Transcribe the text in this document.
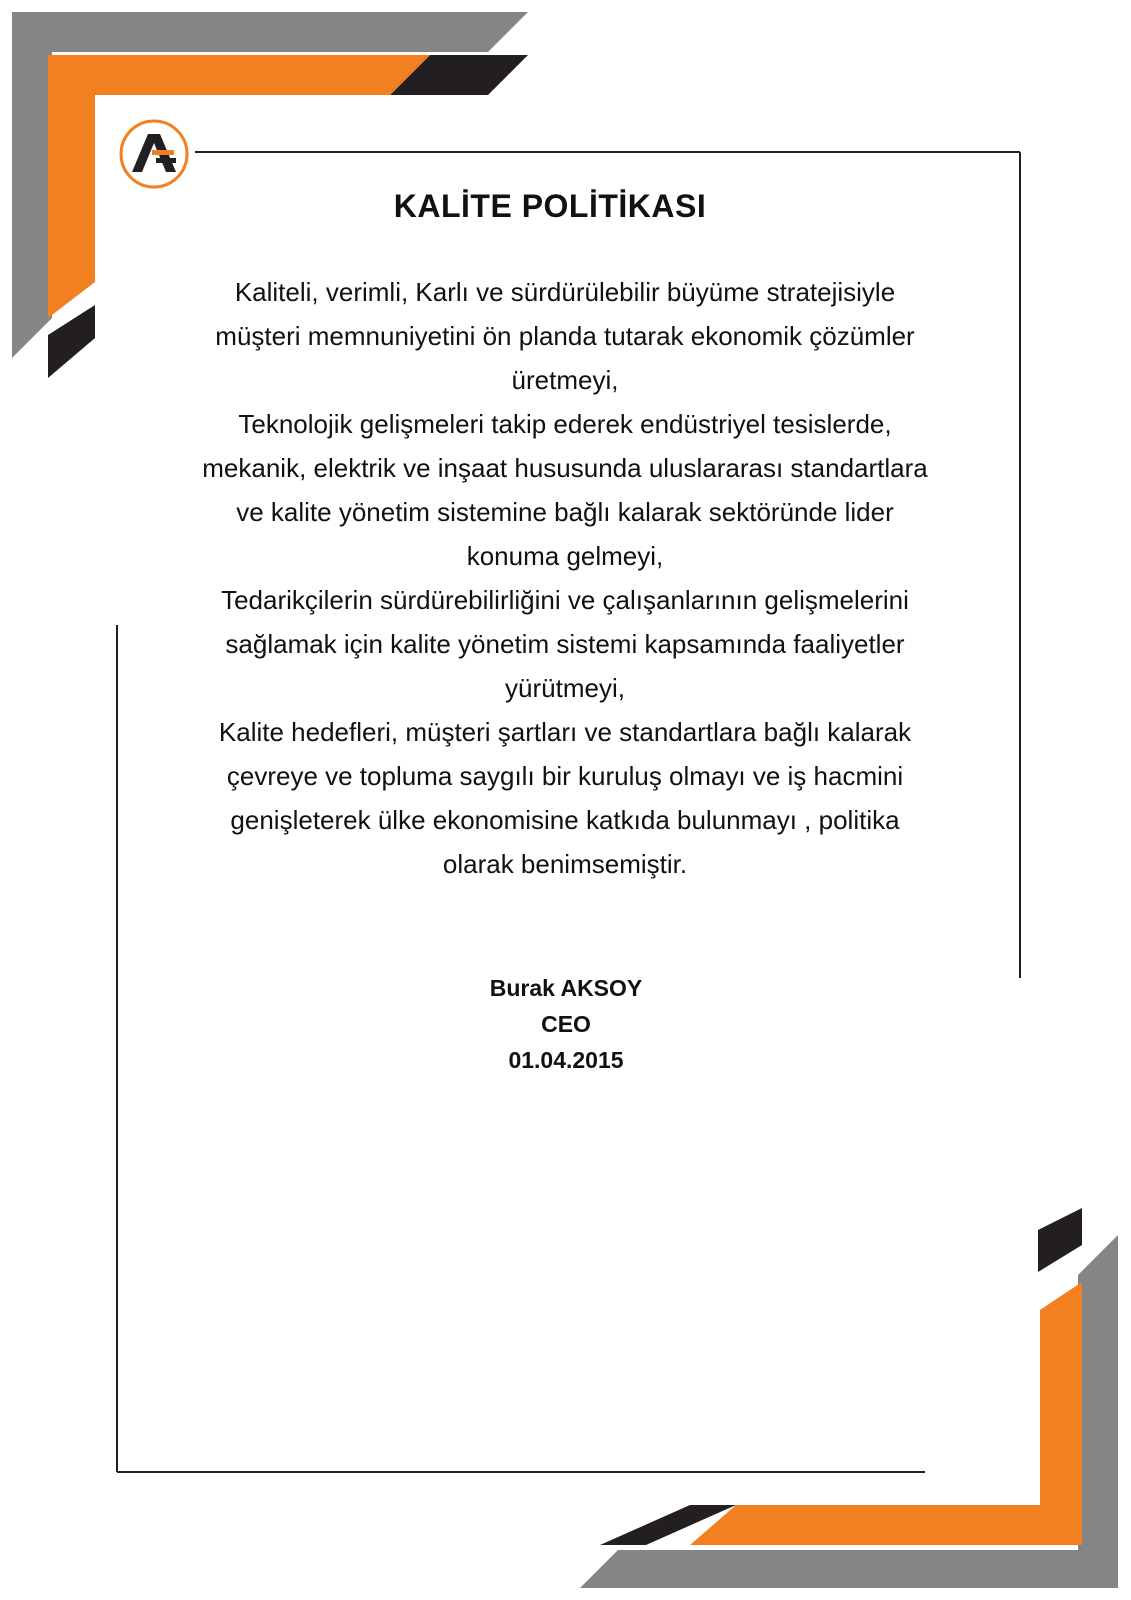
KALİTE POLİTİKASI
Kaliteli, verimli, Karlı ve sürdürülebilir büyüme stratejisiyle
müşteri memnuniyetini ön planda tutarak ekonomik çözümler
üretmeyi,
Teknolojik gelişmeleri takip ederek endüstriyel tesislerde,
mekanik, elektrik ve inşaat hususunda uluslararası standartlara
ve kalite yönetim sistemine bağlı kalarak sektöründe lider
konuma gelmeyi,
Tedarikçilerin sürdürebilirliğini ve çalışanlarının gelişmelerini
sağlamak için kalite yönetim sistemi kapsamında faaliyetler
yürütmeyi,
Kalite hedefleri, müşteri şartları ve standartlara bağlı kalarak
çevreye ve topluma saygılı bir kuruluş olmayı ve iş hacmini
genişleterek ülke ekonomisine katkıda bulunmayı , politika
olarak benimsemiştir.
Burak AKSOY
CEO
01.04.2015
